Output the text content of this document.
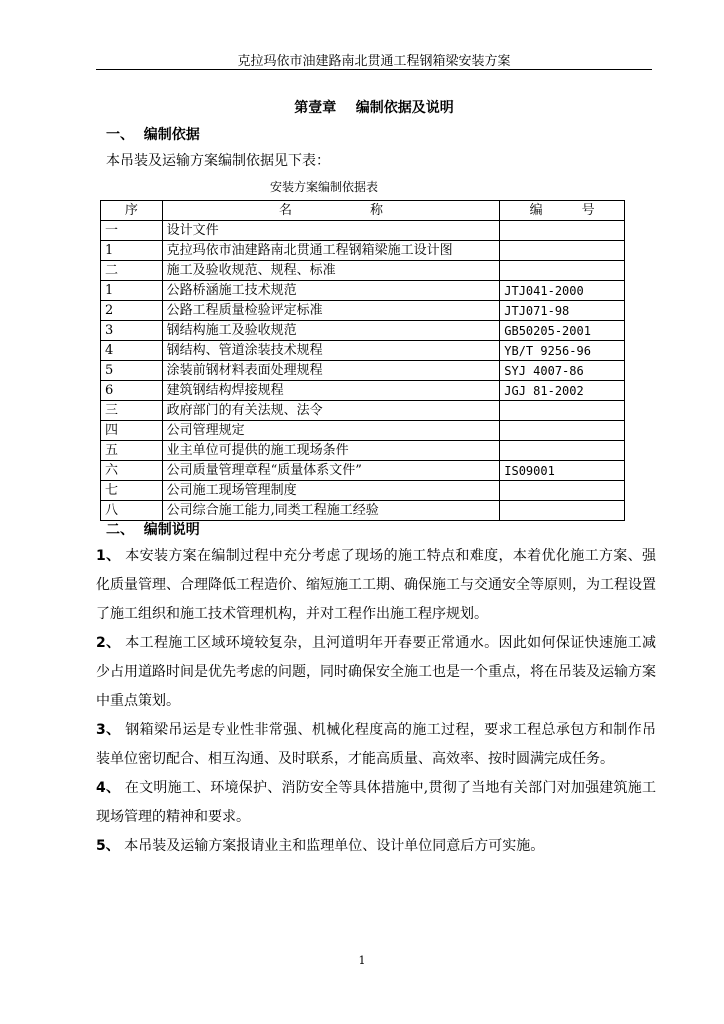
克拉玛依市油建路南北贯通工程钢箱梁安装方案
第壹章    编制依据及说明
一、  编制依据
本吊装及运输方案编制依据见下表：
安装方案编制依据表
序	名　　　　　　称	编　　　号
一	设计文件	
1	克拉玛依市油建路南北贯通工程钢箱梁施工设计图	
二	施工及验收规范、规程、标准	
1	公路桥涵施工技术规范	JTJ041-2000
2	公路工程质量检验评定标准	JTJ071-98
3	钢结构施工及验收规范	GB50205-2001
4	钢结构、管道涂装技术规程	YB/T 9256-96
5	涂装前钢材料表面处理规程	SYJ 4007-86
6	建筑钢结构焊接规程	JGJ 81-2002
三	政府部门的有关法规、法令	
四	公司管理规定	
五	业主单位可提供的施工现场条件	
六	公司质量管理章程“质量体系文件”	IS09001
七	公司施工现场管理制度	
八	公司综合施工能力,同类工程施工经验	
二、  编制说明

1、 本安装方案在编制过程中充分考虑了现场的施工特点和难度，本着优化施工方案、强化质量管理、合理降低工程造价、缩短施工工期、确保施工与交通安全等原则，为工程设置了施工组织和施工技术管理机构，并对工程作出施工程序规划。

2、 本工程施工区域环境较复杂，且河道明年开春要正常通水。因此如何保证快速施工减少占用道路时间是优先考虑的问题，同时确保安全施工也是一个重点，将在吊装及运输方案中重点策划。

3、 钢箱梁吊运是专业性非常强、机械化程度高的施工过程，要求工程总承包方和制作吊装单位密切配合、相互沟通、及时联系，才能高质量、高效率、按时圆满完成任务。

4、 在文明施工、环境保护、消防安全等具体措施中,贯彻了当地有关部门对加强建筑施工现场管理的精神和要求。

5、 本吊装及运输方案报请业主和监理单位、设计单位同意后方可实施。

1
